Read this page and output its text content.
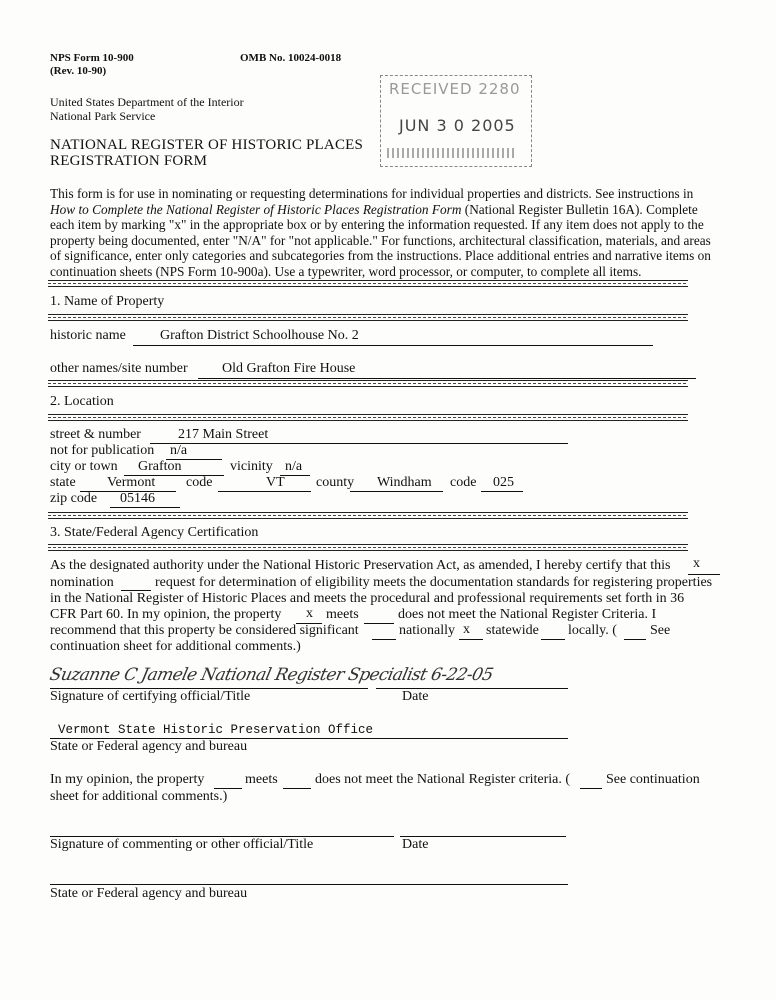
NPS Form 10-900
(Rev. 10-90)
OMB No. 10024-0018
United States Department of the Interior
National Park Service
NATIONAL REGISTER OF HISTORIC PLACES
REGISTRATION FORM
RECEIVED 2280
JUN 3 0 2005
This form is for use in nominating or requesting determinations for individual properties and districts. See instructions in How to Complete the National Register of Historic Places Registration Form (National Register Bulletin 16A). Complete each item by marking "x" in the appropriate box or by entering the information requested. If any item does not apply to the property being documented, enter "N/A" for "not applicable." For functions, architectural classification, materials, and areas of significance, enter only categories and subcategories from the instructions. Place additional entries and narrative items on continuation sheets (NPS Form 10-900a). Use a typewriter, word processor, or computer, to complete all items.
1. Name of Property
historic name Grafton District Schoolhouse No. 2
other names/site number Old Grafton Fire House
2. Location
street & number	217 Main Street
not for publication n/a
city or town Grafton	vicinity n/a
state Vermont code	VT county Windham code 025
zip code 05146
3. State/Federal Agency Certification
As the designated authority under the National Historic Preservation Act, as amended, I hereby certify that this x
nomination	request for determination of eligibility meets the documentation standards for registering properties
in the National Register of Historic Places and meets the procedural and professional requirements set forth in 36
CFR Part 60. In my opinion, the property x meets	does not meet the National Register Criteria. I
recommend that this property be considered significant	nationally x statewide locally. ( See
continuation sheet for additional comments.)
Suzanne C Jamele National Register Specialist 6-22-05
Signature of certifying official/Title	Date
Vermont State Historic Preservation Office
State or Federal agency and bureau
In my opinion, the property	meets	does not meet the National Register criteria. (	See continuation
sheet for additional comments.)
Signature of commenting or other official/Title	Date
State or Federal agency and bureau
